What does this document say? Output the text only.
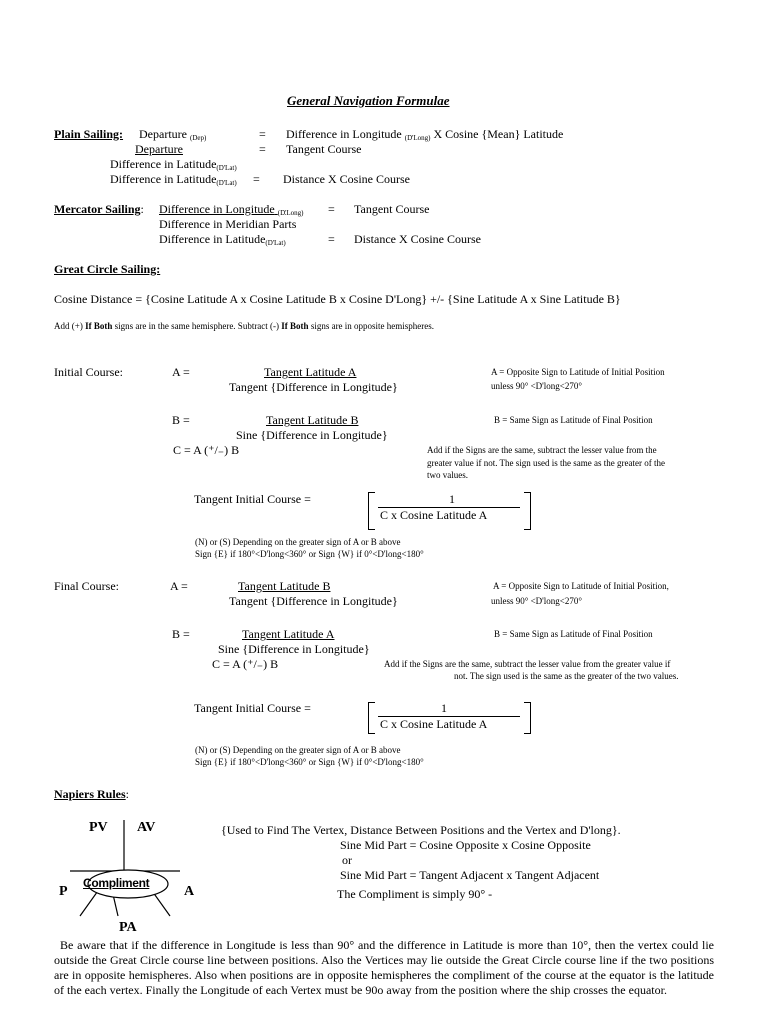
General Navigation Formulae
Plain Sailing: Departure $_{(Dep)}$	= Difference in Longitude $_{(D'Long)}$ X Cosine {Mean} Latitude
Departure	= Tangent Course
Difference in Latitude$_{(D'Lat)}$
Difference in Latitude$_{(D'Lat)}$ = Distance X Cosine Course
Mercator Sailing: Difference in Longitude $_{(D'Long)}$ = Tangent Course
Difference in Meridian Parts
Difference in Latitude$_{(D'Lat)}$	= Distance X Cosine Course
Great Circle Sailing:
Cosine Distance = {Cosine Latitude A x Cosine Latitude B x Cosine D'Long} +/- {Sine Latitude A x Sine Latitude B}
Add (+) If Both signs are in the same hemisphere. Subtract (-) If Both signs are in opposite hemispheres.
Initial Course:	A =	Tangent Latitude A
Tangent {Difference in Longitude}
A = Opposite Sign to Latitude of Initial Position
unless 90° <D'long<270°
B =	Tangent Latitude B
Sine {Difference in Longitude}
B = Same Sign as Latitude of Final Position
C = A (⁺/₋) B	Add if the Signs are the same, subtract the lesser value from the
greater value if not. The sign used is the same as the greater of the
two values.
Tangent Initial Course =	1
C x Cosine Latitude A
(N) or (S) Depending on the greater sign of A or B above
Sign {E} if 180°<D'long<360° or Sign {W} if 0°<D'long<180°
Final Course:	A =	Tangent Latitude B
Tangent {Difference in Longitude}
A = Opposite Sign to Latitude of Initial Position,
unless 90° <D'long<270°
B =	Tangent Latitude A
Sine {Difference in Longitude}
B = Same Sign as Latitude of Final Position
C = A (⁺/₋) B	Add if the Signs are the same, subtract the lesser value from the greater value if
not. The sign used is the same as the greater of the two values.
Tangent Initial Course =	1
C x Cosine Latitude A
(N) or (S) Depending on the greater sign of A or B above
Sign {E} if 180°<D'long<360° or Sign {W} if 0°<D'long<180°
Napiers Rules:
PV AV
P	A
PA
Compliment
{Used to Find The Vertex, Distance Between Positions and the Vertex and D'long}.
Sine Mid Part = Cosine Opposite x Cosine Opposite
or
Sine Mid Part = Tangent Adjacent x Tangent Adjacent
The Compliment is simply 90° -
Be aware that if the difference in Longitude is less than 90° and the difference in Latitude is more than 10°, then the vertex could lie outside the Great Circle course line between positions. Also the Vertices may lie outside the Great Circle course line if the two positions are in opposite hemispheres. Also when positions are in opposite hemispheres the compliment of the course at the equator is the latitude of the each vertex. Finally the Longitude of each Vertex must be 90o away from the position where the ship crosses the equator.
